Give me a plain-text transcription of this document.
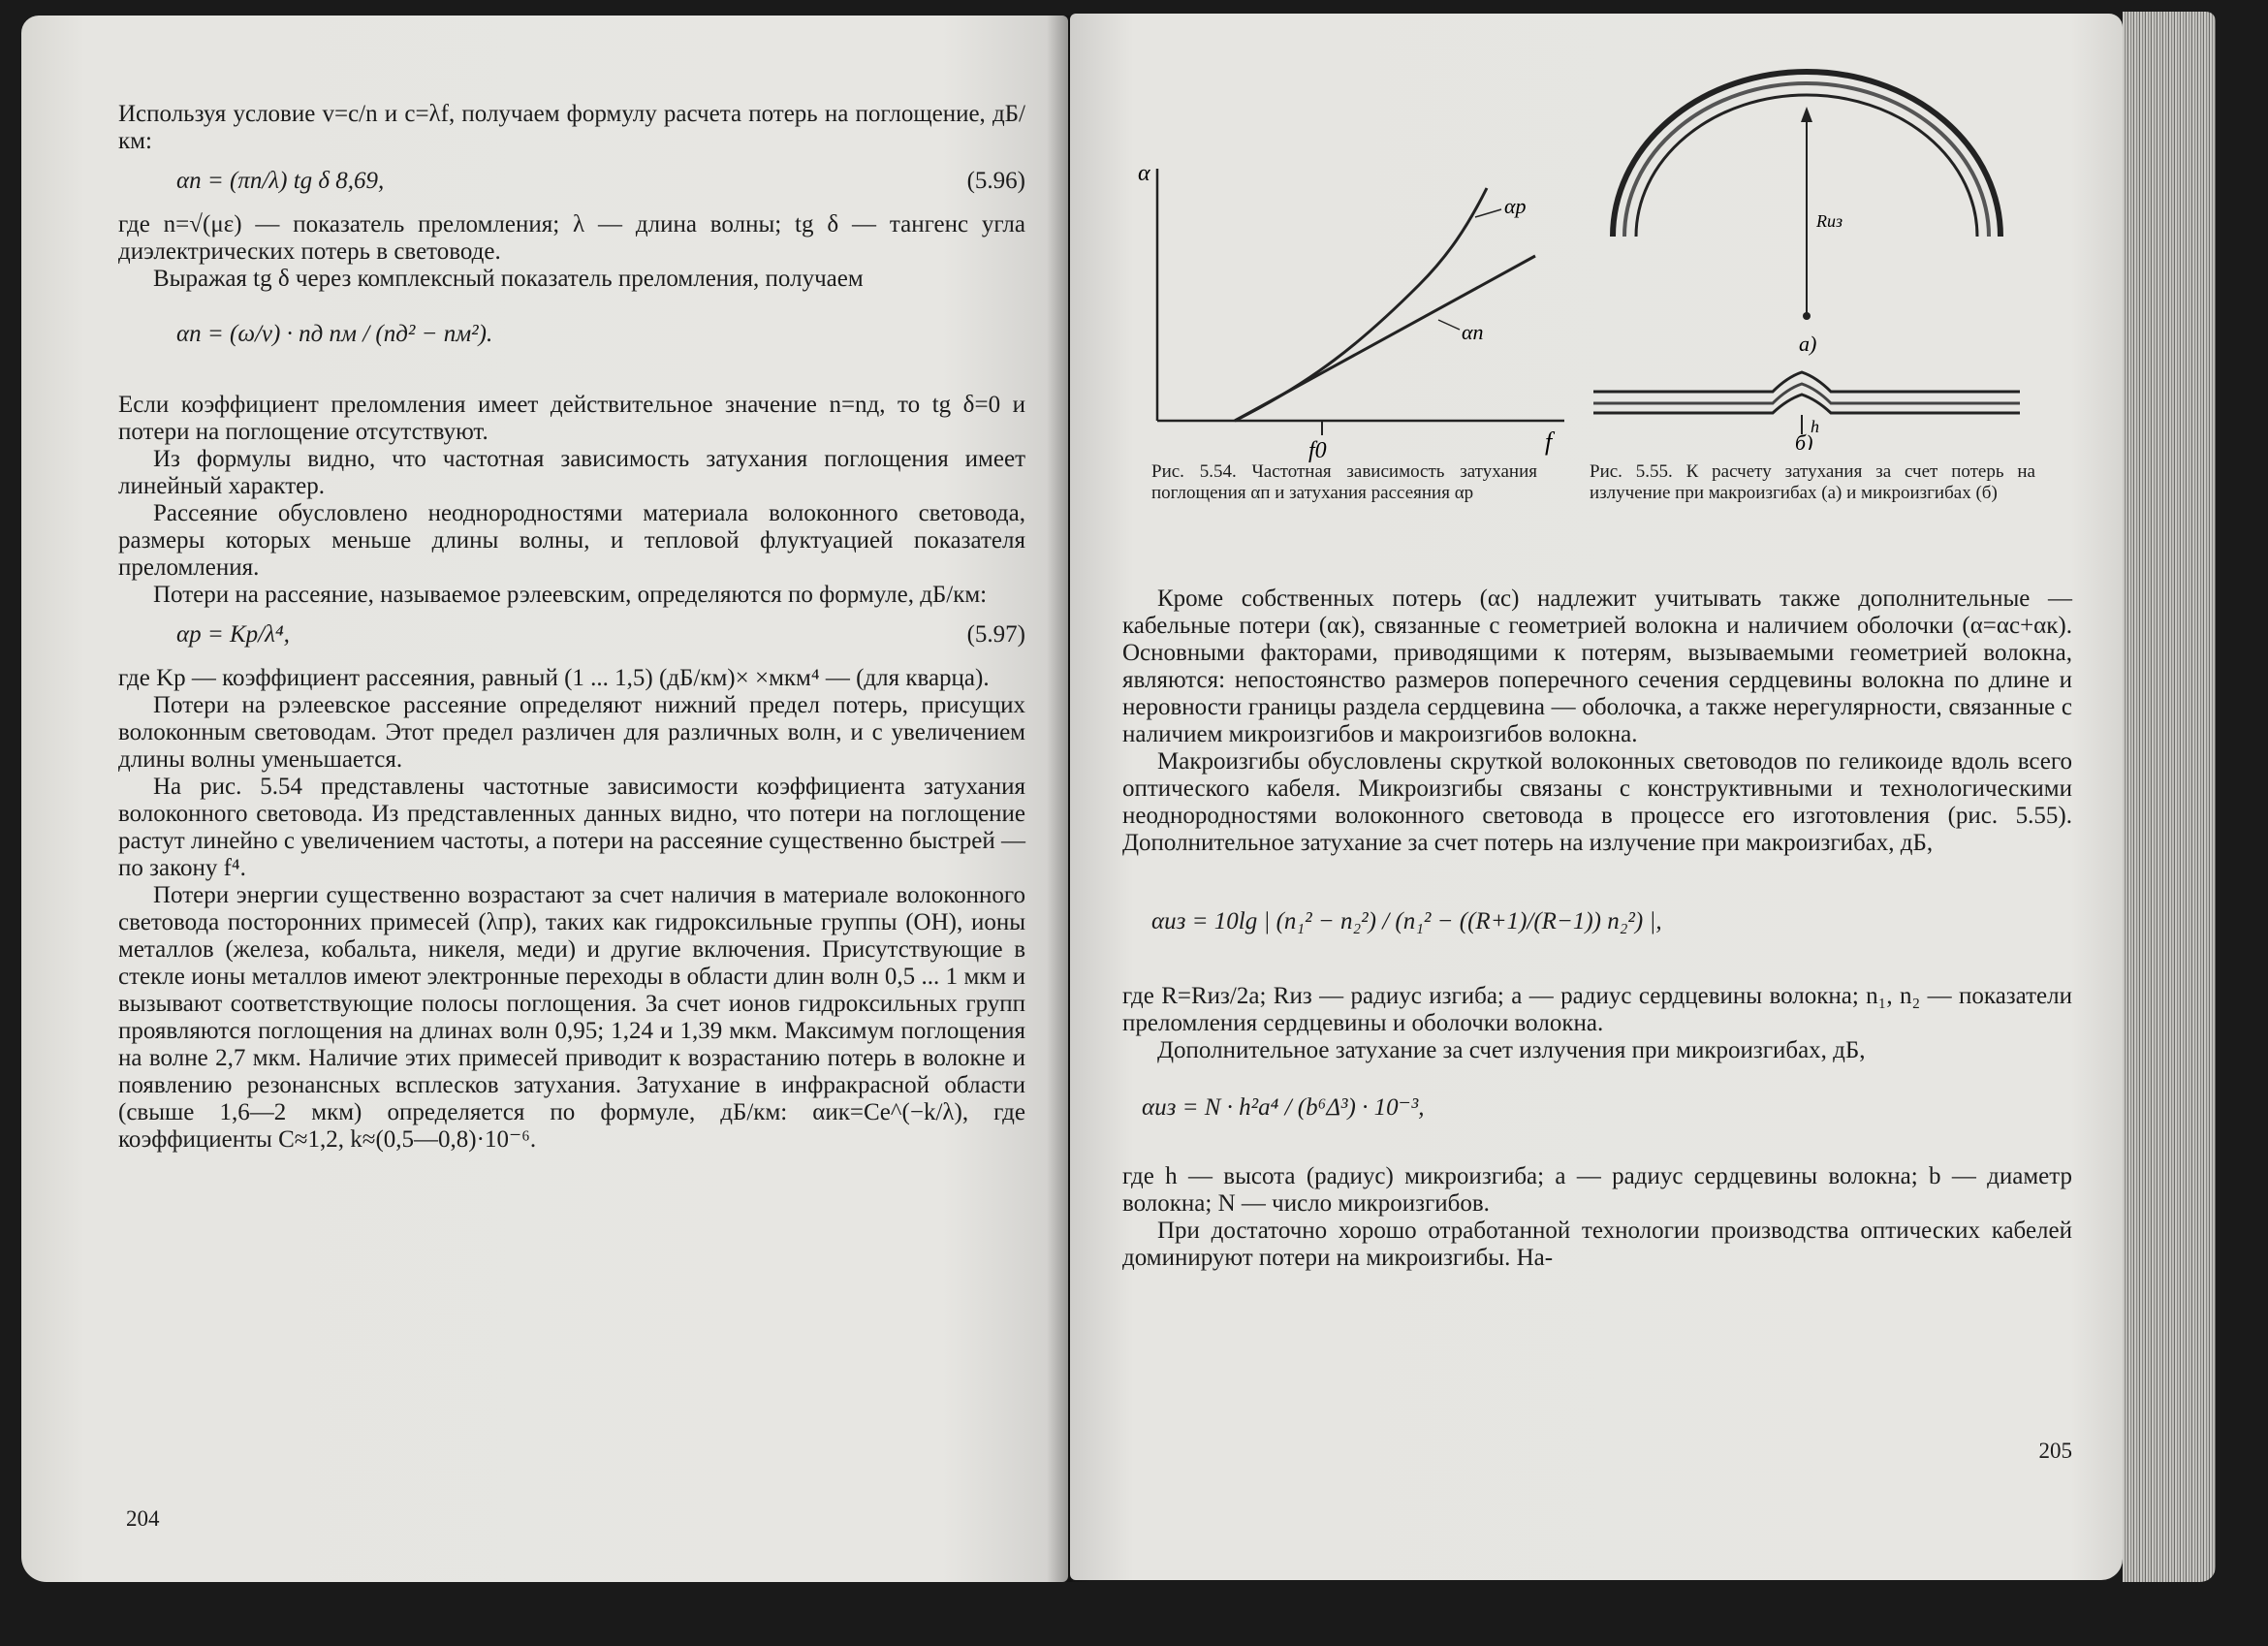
Используя условие v=c/n и c=λf, получаем формулу расчета потерь на поглощение, дБ/км:

αп = (πn/λ) tg δ 8,69,	(5.96)

где n=√(με) — показатель преломления; λ — длина волны; tg δ — тангенс угла диэлектрических потерь в световоде.

Выражая tg δ через комплексный показатель преломления, получаем

αп = (ω/v) · nд nм / (nд² − nм²).

Если коэффициент преломления имеет действительное значение n=nд, то tg δ=0 и потери на поглощение отсутствуют.

Из формулы видно, что частотная зависимость затухания поглощения имеет линейный характер.

Рассеяние обусловлено неоднородностями материала волоконного световода, размеры которых меньше длины волны, и тепловой флуктуацией показателя преломления.

Потери на рассеяние, называемое рэлеевским, определяются по формуле, дБ/км:

αр = Kр/λ⁴,	(5.97)

где Kр — коэффициент рассеяния, равный (1 ... 1,5) (дБ/км)× ×мкм⁴ — (для кварца).

Потери на рэлеевское рассеяние определяют нижний предел потерь, присущих волоконным световодам. Этот предел различен для различных волн, и с увеличением длины волны уменьшается.

На рис. 5.54 представлены частотные зависимости коэффициента затухания волоконного световода. Из представленных данных видно, что потери на поглощение растут линейно с увеличением частоты, а потери на рассеяние существенно быстрей — по закону f⁴.

Потери энергии существенно возрастают за счет наличия в материале волоконного световода посторонних примесей (λпр), таких как гидроксильные группы (OH), ионы металлов (железа, кобальта, никеля, меди) и другие включения. Присутствующие в стекле ионы металлов имеют электронные переходы в области длин волн 0,5 ... 1 мкм и вызывают соответствующие полосы поглощения. За счет ионов гидроксильных групп проявляются поглощения на длинах волн 0,95; 1,24 и 1,39 мкм. Максимум поглощения на волне 2,7 мкм. Наличие этих примесей приводит к возрастанию потерь в волокне и появлению резонансных всплесков затухания. Затухание в инфракрасной области (свыше 1,6—2 мкм) определяется по формуле, дБ/км: αик=Ce^(−k/λ), где коэффициенты C≈1,2, k≈(0,5—0,8)·10⁻⁶.

204
α
f
f0
αр
αп
Рис. 5.54. Частотная зависимость затухания поглощения αп и затухания рассеяния αр
Rиз
а)
h
б)
Рис. 5.55. К расчету затухания за счет потерь на излучение при макроизгибах (а) и микроизгибах (б)

Кроме собственных потерь (αс) надлежит учитывать также дополнительные — кабельные потери (αк), связанные с геометрией волокна и наличием оболочки (α=αс+αк). Основными факторами, приводящими к потерям, вызываемыми геометрией волокна, являются: непостоянство размеров поперечного сечения сердцевины волокна по длине и неровности границы раздела сердцевина — оболочка, а также нерегулярности, связанные с наличием микроизгибов и макроизгибов волокна.

Макроизгибы обусловлены скруткой волоконных световодов по геликоиде вдоль всего оптического кабеля. Микроизгибы связаны с конструктивными и технологическими неоднородностями волоконного световода в процессе его изготовления (рис. 5.55). Дополнительное затухание за счет потерь на излучение при макроизгибах, дБ,

αиз = 10lg | (n₁² − n₂²) / (n₁² − ((R+1)/(R−1)) n₂²) |,

где R=Rиз/2a; Rиз — радиус изгиба; a — радиус сердцевины волокна; n₁, n₂ — показатели преломления сердцевины и оболочки волокна.

Дополнительное затухание за счет излучения при микроизгибах, дБ,

αиз = N · h²a⁴ / (b⁶Δ³) · 10⁻³,

где h — высота (радиус) микроизгиба; a — радиус сердцевины волокна; b — диаметр волокна; N — число микроизгибов.

При достаточно хорошо отработанной технологии производства оптических кабелей доминируют потери на микроизгибы. На-

205
